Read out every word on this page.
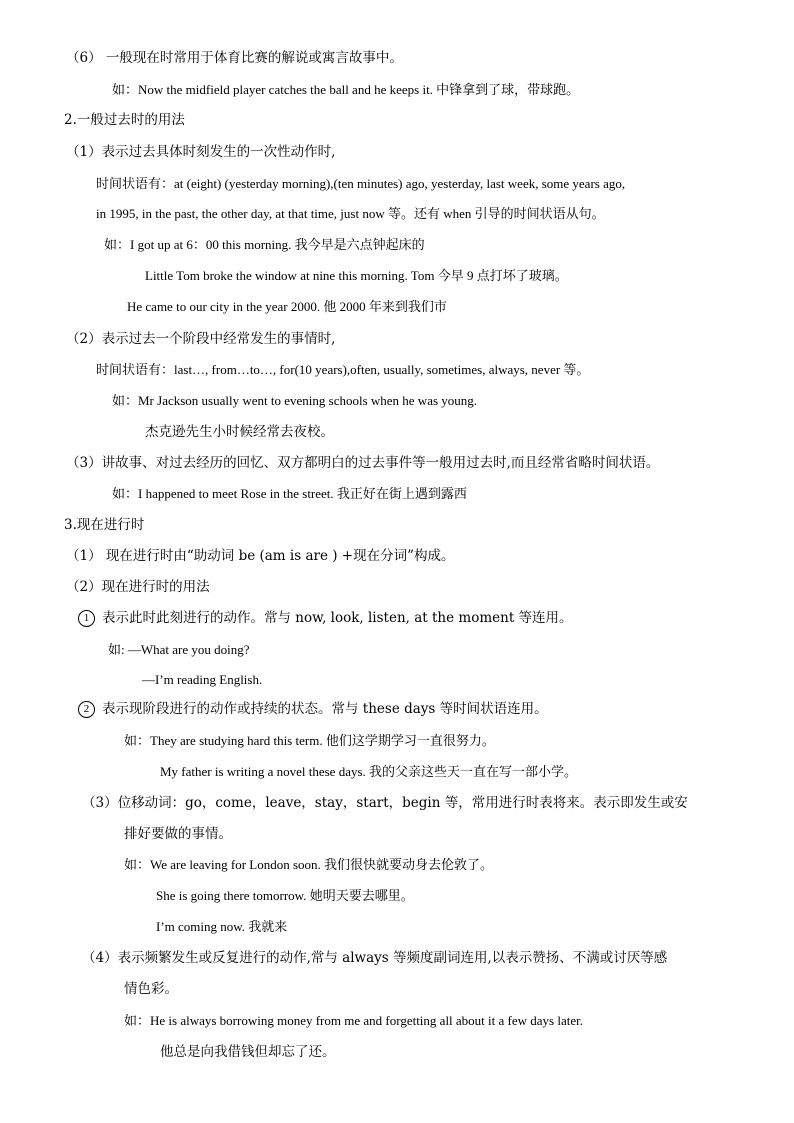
（6） 一般现在时常用于体育比赛的解说或寓言故事中。
如：Now the midfield player catches the ball and he keeps it. 中锋拿到了球，带球跑。
2.一般过去时的用法
（1）表示过去具体时刻发生的一次性动作时,
时间状语有：at (eight) (yesterday morning),(ten minutes) ago, yesterday, last week, some years ago,
in 1995, in the past, the other day, at that time, just now 等。还有 when 引导的时间状语从句。
如：I got up at 6：00 this morning. 我今早是六点钟起床的
Little Tom broke the window at nine this morning. Tom 今早 9 点打坏了玻璃。
He came to our city in the year 2000. 他 2000 年来到我们市
（2）表示过去一个阶段中经常发生的事情时,
时间状语有：last…, from…to…, for(10 years),often, usually, sometimes, always, never 等。
如：Mr Jackson usually went to evening schools when he was young.
杰克逊先生小时候经常去夜校。
（3）讲故事、对过去经历的回忆、双方都明白的过去事件等一般用过去时,而且经常省略时间状语。
如：I happened to meet Rose in the street. 我正好在街上遇到露西
3.现在进行时
（1） 现在进行时由“助动词 be (am is are ) +现在分词”构成。
（2）现在进行时的用法
1 表示此时此刻进行的动作。常与 now, look, listen, at the moment 等连用。
如: —What are you doing?
—I’m reading English.
2 表示现阶段进行的动作或持续的状态。常与 these days 等时间状语连用。
如：They are studying hard this term. 他们这学期学习一直很努力。
My father is writing a novel these days. 我的父亲这些天一直在写一部小学。
（3）位移动词：go，come，leave，stay，start，begin 等，常用进行时表将来。表示即发生或安
排好要做的事情。
如：We are leaving for London soon. 我们很快就要动身去伦敦了。
She is going there tomorrow. 她明天要去哪里。
I’m coming now. 我就来
（4）表示频繁发生或反复进行的动作,常与 always 等频度副词连用,以表示赞扬、不满或讨厌等感
情色彩。
如：He is always borrowing money from me and forgetting all about it a few days later.
他总是向我借钱但却忘了还。
